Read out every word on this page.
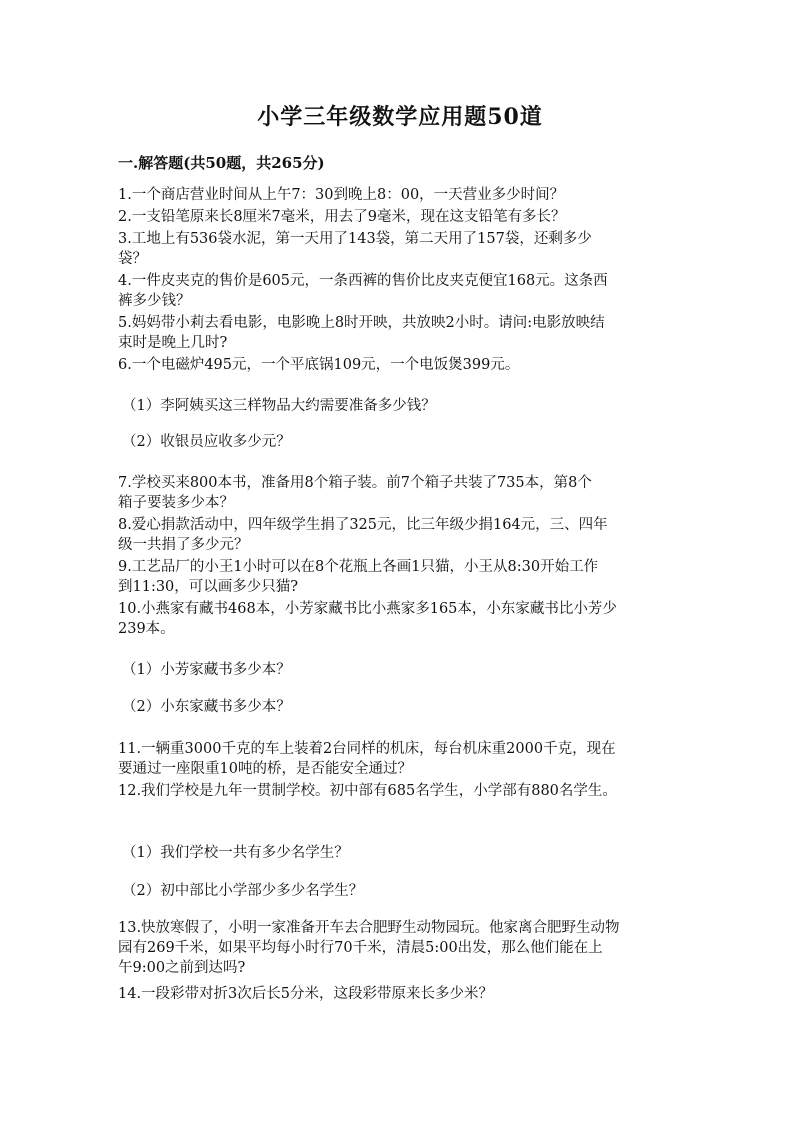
小学三年级数学应用题50道
一.解答题(共50题，共265分)
1.一个商店营业时间从上午7：30到晚上8：00，一天营业多少时间？
2.一支铅笔原来长8厘米7毫米，用去了9毫米，现在这支铅笔有多长？
3.工地上有536袋水泥，第一天用了143袋，第二天用了157袋，还剩多少
袋？
4.一件皮夹克的售价是605元，一条西裤的售价比皮夹克便宜168元。这条西
裤多少钱？
5.妈妈带小莉去看电影，电影晚上8时开映，共放映2小时。请问:电影放映结
束时是晚上几时?
6.一个电磁炉495元，一个平底锅109元，一个电饭煲399元。
（1）李阿姨买这三样物品大约需要准备多少钱？
（2）收银员应收多少元？
7.学校买来800本书，准备用8个箱子装。前7个箱子共装了735本，第8个
箱子要装多少本？
8.爱心捐款活动中，四年级学生捐了325元，比三年级少捐164元，三、四年
级一共捐了多少元？
9.工艺品厂的小王1小时可以在8个花瓶上各画1只猫，小王从8:30开始工作
到11:30，可以画多少只猫?
10.小燕家有藏书468本，小芳家藏书比小燕家多165本，小东家藏书比小芳少
239本。
（1）小芳家藏书多少本？
（2）小东家藏书多少本？
11.一辆重3000千克的车上装着2台同样的机床，每台机床重2000千克，现在
要通过一座限重10吨的桥，是否能安全通过？
12.我们学校是九年一贯制学校。初中部有685名学生，小学部有880名学生。
（1）我们学校一共有多少名学生？
（2）初中部比小学部少多少名学生？
13.快放寒假了，小明一家准备开车去合肥野生动物园玩。他家离合肥野生动物
园有269千米，如果平均每小时行70千米，清晨5:00出发，那么他们能在上
午9:00之前到达吗?
14.一段彩带对折3次后长5分米，这段彩带原来长多少米？
